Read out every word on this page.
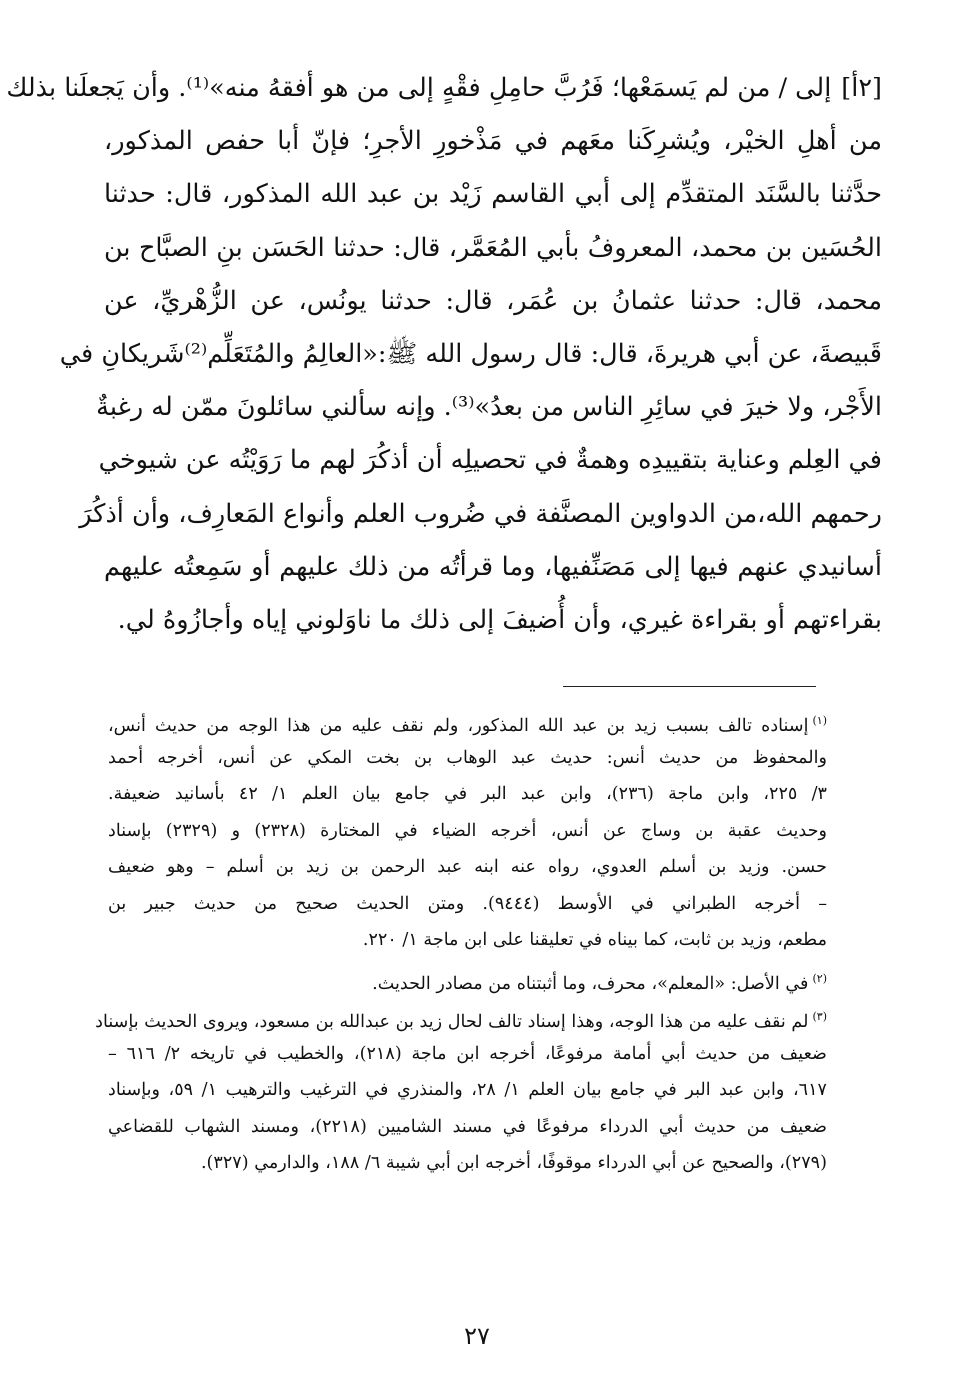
[٢أ]إلى / من لم يَسمَعْها؛ فَرُبَّ حامِلِ فقْهٍ إلى من هو أفقهُ منه»⁽¹⁾. وأن يَجعلَنا بذلك
من أهلِ الخيْر، ويُشرِكَنا معَهم في مَذْخورِ الأجرِ؛ فإنّ أبا حفص المذكور،
حدَّثنا بالسَّنَد المتقدِّم إلى أبي القاسم زَيْد بن عبد الله المذكور، قال: حدثنا
الحُسَين بن محمد، المعروفُ بأبي المُعَمَّر، قال: حدثنا الحَسَن بنِ الصبَّاح بن
محمد، قال: حدثنا عثمانُ بن عُمَر، قال: حدثنا يونُس، عن الزُّهْريِّ، عن
قَبيصةَ، عن أبي هريرةَ، قال: قال رسول الله ﷺ:«العالِمُ والمُتَعَلِّم⁽²⁾شَريكانِ في
الأَجْر، ولا خيرَ في سائِرِ الناس من بعدُ»⁽³⁾. وإنه سألني سائلونَ ممّن له رغبةٌ
في العِلم وعناية بتقييدِه وهمةٌ في تحصيلِه أن أذكُرَ لهم ما رَوَيْتُه عن شيوخي
رحمهم الله،من الدواوين المصنَّفة في ضُروب العلم وأنواع المَعارِف، وأن أذكُرَ
أسانيدي عنهم فيها إلى مَصَنِّفيها، وما قرأتُه من ذلك عليهم أو سَمِعتُه عليهم
بقراءتهم أو بقراءة غيري، وأن أُضيفَ إلى ذلك ما ناوَلوني إياه وأجازُوهُ لي.
$^{(١)}$إسناده تالف بسبب زيد بن عبد الله المذكور، ولم نقف عليه من هذا الوجه من حديث أنس،
والمحفوظ من حديث أنس: حديث عبد الوهاب بن بخت المكي عن أنس، أخرجه أحمد
٣/ ٢٢٥، وابن ماجة (٢٣٦)، وابن عبد البر في جامع بيان العلم ١/ ٤٢ بأسانيد ضعيفة.
وحديث عقبة بن وساج عن أنس، أخرجه الضياء في المختارة (٢٣٢٨) و (٢٣٢٩) بإسناد
حسن. وزيد بن أسلم العدوي، رواه عنه ابنه عبد الرحمن بن زيد بن أسلم – وهو ضعيف
– أخرجه الطبراني في الأوسط (٩٤٤٤). ومتن الحديث صحيح من حديث جبير بن
مطعم، وزيد بن ثابت، كما بيناه في تعليقنا على ابن ماجة ١/ ٢٢٠.
$^{(٢)}$في الأصل: «المعلم»، محرف، وما أثبتناه من مصادر الحديث.
$^{(٣)}$لم نقف عليه من هذا الوجه، وهذا إسناد تالف لحال زيد بن عبدالله بن مسعود، ويروى الحديث بإسناد
ضعيف من حديث أبي أمامة مرفوعًا، أخرجه ابن ماجة (٢١٨)، والخطيب في تاريخه ٢/ ٦١٦ –
٦١٧، وابن عبد البر في جامع بيان العلم ١/ ٢٨، والمنذري في الترغيب والترهيب ١/ ٥٩، وبإسناد
ضعيف من حديث أبي الدرداء مرفوعًا في مسند الشاميين (٢٢١٨)، ومسند الشهاب للقضاعي
(٢٧٩)، والصحيح عن أبي الدرداء موقوفًا، أخرجه ابن أبي شيبة ٦/ ١٨٨، والدارمي (٣٢٧).
٢٧
